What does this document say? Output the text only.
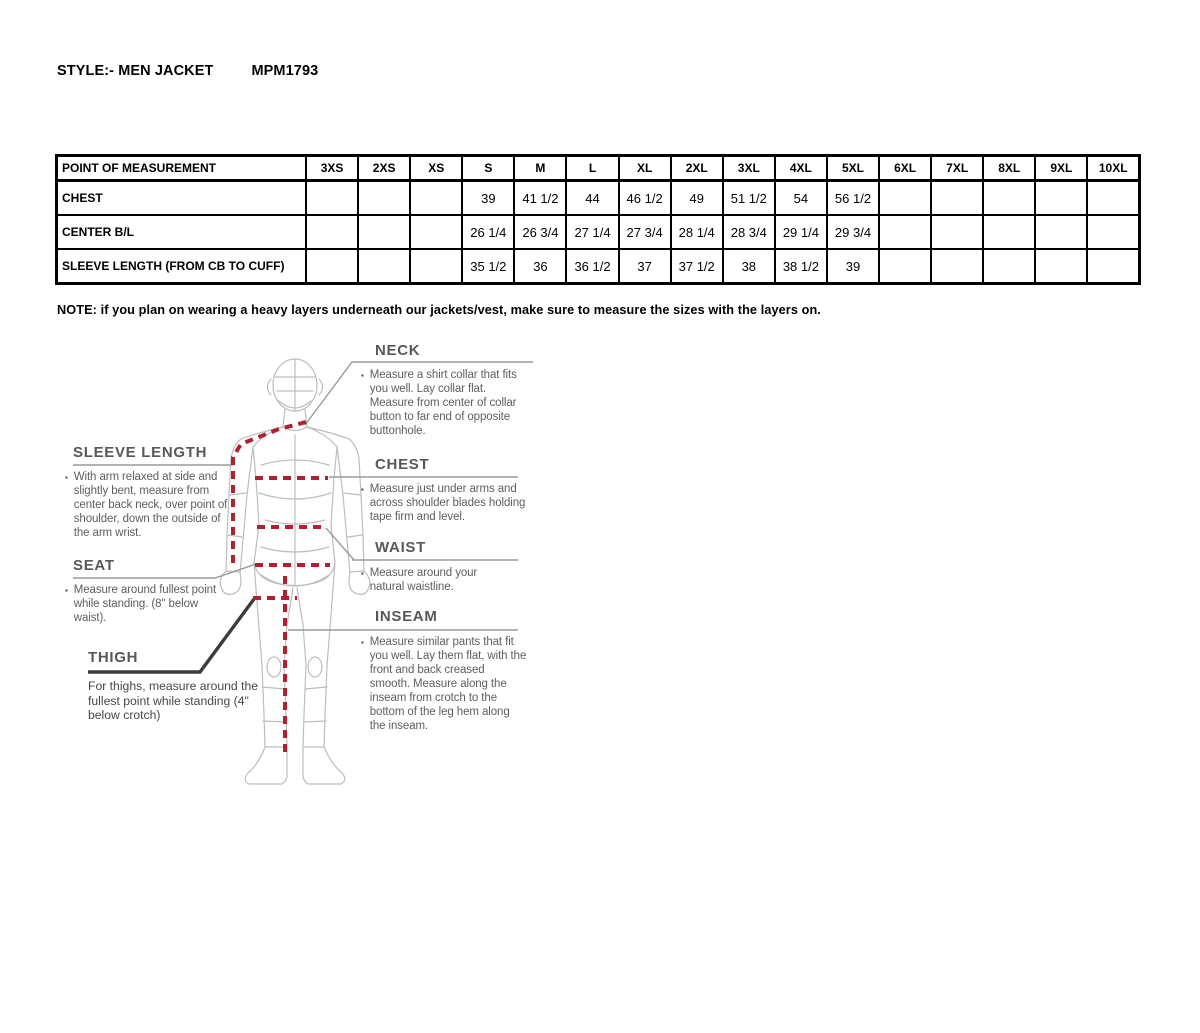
STYLE:- MEN JACKET	MPM1793
POINT OF MEASUREMENT	3XS	2XS	XS	S	M	L	XL	2XL	3XL	4XL	5XL	6XL	7XL	8XL	9XL	10XL
CHEST				39	41 1/2	44	46 1/2	49	51 1/2	54	56 1/2					
CENTER B/L				26 1/4	26 3/4	27 1/4	27 3/4	28 1/4	28 3/4	29 1/4	29 3/4					
SLEEVE LENGTH (FROM CB TO CUFF)				35 1/2	36	36 1/2	37	37 1/2	38	38 1/2	39					
NOTE: if you plan on wearing a heavy layers underneath our jackets/vest, make sure to measure the sizes with the layers on.
NECK
▪ Measure a shirt collar that fits you well. Lay collar flat. Measure from center of collar button to far end of opposite buttonhole.

CHEST
▪ Measure just under arms and across shoulder blades holding tape firm and level.

WAIST
▪ Measure around your natural waistline.

INSEAM
▪ Measure similar pants that fit you well. Lay them flat, with the front and back creased smooth. Measure along the inseam from crotch to the bottom of the leg hem along the inseam.

SLEEVE LENGTH
▪ With arm relaxed at side and slightly bent, measure from center back neck, over point of shoulder, down the outside of the arm wrist.

SEAT
▪ Measure around fullest point while standing. (8" below waist).

THIGH

For thighs, measure around the fullest point while standing (4" below crotch)
